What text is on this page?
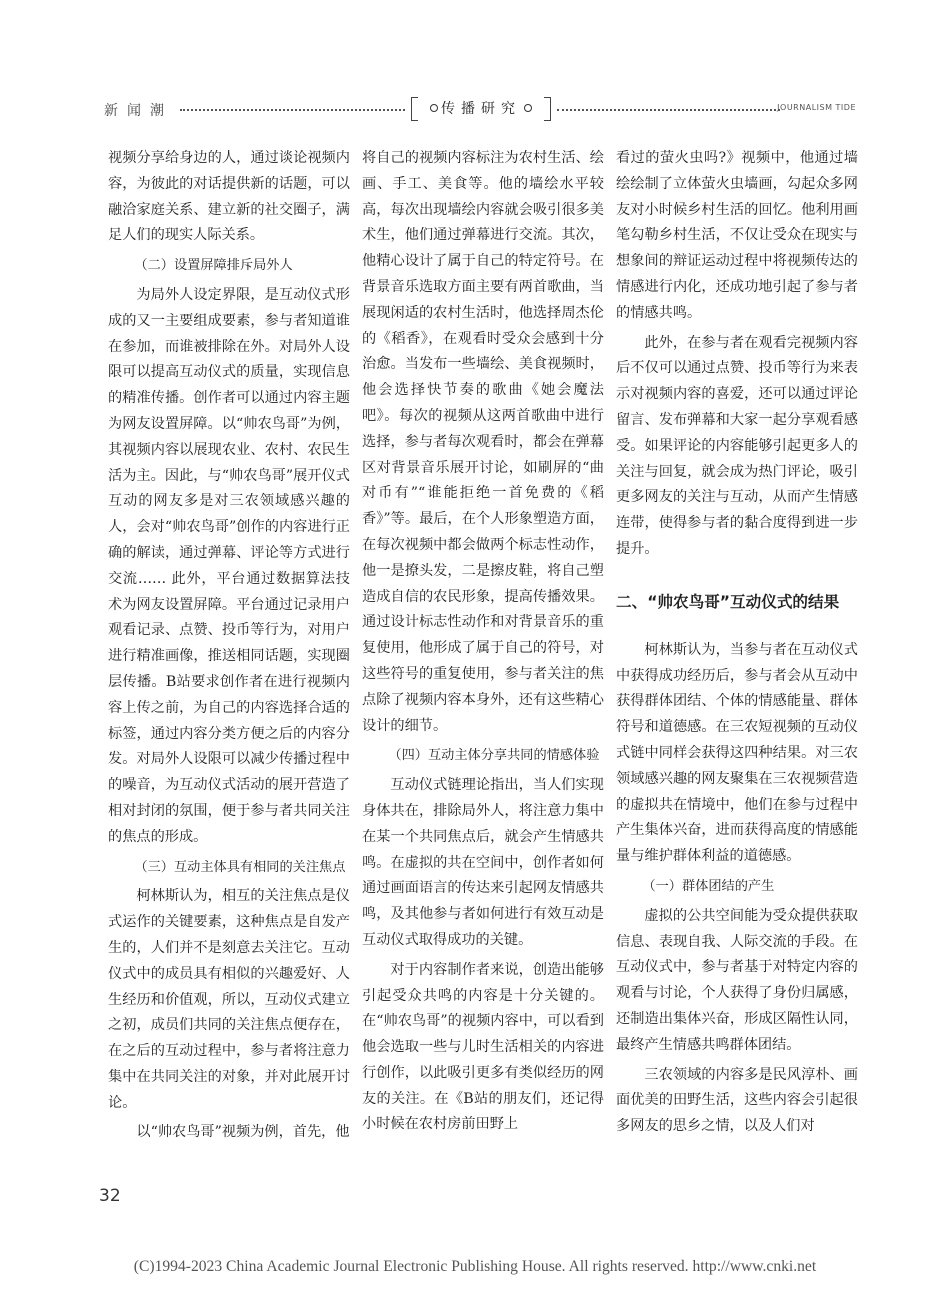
新闻潮	传播研究	JOURNALISM TIDE

视频分享给身边的人，通过谈论视频内容，为彼此的对话提供新的话题，可以融洽家庭关系、建立新的社交圈子，满足人们的现实人际关系。

（二）设置屏障排斥局外人

为局外人设定界限，是互动仪式形成的又一主要组成要素，参与者知道谁在参加，而谁被排除在外。对局外人设限可以提高互动仪式的质量，实现信息的精准传播。创作者可以通过内容主题为网友设置屏障。以“帅农鸟哥”为例，其视频内容以展现农业、农村、农民生活为主。因此，与“帅农鸟哥”展开仪式互动的网友多是对三农领域感兴趣的人，会对“帅农鸟哥”创作的内容进行正确的解读，通过弹幕、评论等方式进行交流…… 此外，平台通过数据算法技术为网友设置屏障。平台通过记录用户观看记录、点赞、投币等行为，对用户进行精准画像，推送相同话题，实现圈层传播。B站要求创作者在进行视频内容上传之前，为自己的内容选择合适的标签，通过内容分类方便之后的内容分发。对局外人设限可以减少传播过程中的噪音，为互动仪式活动的展开营造了相对封闭的氛围，便于参与者共同关注的焦点的形成。

（三）互动主体具有相同的关注焦点

柯林斯认为，相互的关注焦点是仪式运作的关键要素，这种焦点是自发产生的，人们并不是刻意去关注它。互动仪式中的成员具有相似的兴趣爱好、人生经历和价值观，所以，互动仪式建立之初，成员们共同的关注焦点便存在，在之后的互动过程中，参与者将注意力集中在共同关注的对象，并对此展开讨论。

以“帅农鸟哥”视频为例，首先，他

将自己的视频内容标注为农村生活、绘画、手工、美食等。他的墙绘水平较高，每次出现墙绘内容就会吸引很多美术生，他们通过弹幕进行交流。其次，他精心设计了属于自己的特定符号。在背景音乐选取方面主要有两首歌曲，当展现闲适的农村生活时，他选择周杰伦的《稻香》，在观看时受众会感到十分治愈。当发布一些墙绘、美食视频时，他会选择快节奏的歌曲《她会魔法吧》。每次的视频从这两首歌曲中进行选择，参与者每次观看时，都会在弹幕区对背景音乐展开讨论，如刷屏的“曲对币有”“谁能拒绝一首免费的《稻香》”等。最后，在个人形象塑造方面，在每次视频中都会做两个标志性动作，他一是撩头发，二是擦皮鞋，将自己塑造成自信的农民形象，提高传播效果。通过设计标志性动作和对背景音乐的重复使用，他形成了属于自己的符号，对这些符号的重复使用，参与者关注的焦点除了视频内容本身外，还有这些精心设计的细节。

（四）互动主体分享共同的情感体验

互动仪式链理论指出，当人们实现身体共在，排除局外人，将注意力集中在某一个共同焦点后，就会产生情感共鸣。在虚拟的共在空间中，创作者如何通过画面语言的传达来引起网友情感共鸣，及其他参与者如何进行有效互动是互动仪式取得成功的关键。

对于内容制作者来说，创造出能够引起受众共鸣的内容是十分关键的。在“帅农鸟哥”的视频内容中，可以看到他会选取一些与儿时生活相关的内容进行创作，以此吸引更多有类似经历的网友的关注。在《B站的朋友们，还记得小时候在农村房前田野上

看过的萤火虫吗?》视频中，他通过墙绘绘制了立体萤火虫墙画，勾起众多网友对小时候乡村生活的回忆。他利用画笔勾勒乡村生活，不仅让受众在现实与想象间的辩证运动过程中将视频传达的情感进行内化，还成功地引起了参与者的情感共鸣。

此外，在参与者在观看完视频内容后不仅可以通过点赞、投币等行为来表示对视频内容的喜爱，还可以通过评论留言、发布弹幕和大家一起分享观看感受。如果评论的内容能够引起更多人的关注与回复，就会成为热门评论，吸引更多网友的关注与互动，从而产生情感连带，使得参与者的黏合度得到进一步提升。

二、“帅农鸟哥”互动仪式的结果

柯林斯认为，当参与者在互动仪式中获得成功经历后，参与者会从互动中获得群体团结、个体的情感能量、群体符号和道德感。在三农短视频的互动仪式链中同样会获得这四种结果。对三农领域感兴趣的网友聚集在三农视频营造的虚拟共在情境中，他们在参与过程中产生集体兴奋，进而获得高度的情感能量与维护群体利益的道德感。

（一）群体团结的产生

虚拟的公共空间能为受众提供获取信息、表现自我、人际交流的手段。在互动仪式中，参与者基于对特定内容的观看与讨论，个人获得了身份归属感，还制造出集体兴奋，形成区隔性认同，最终产生情感共鸣群体团结。

三农领域的内容多是民风淳朴、画面优美的田野生活，这些内容会引起很多网友的思乡之情，以及人们对

32
(C)1994-2023 China Academic Journal Electronic Publishing House. All rights reserved. http://www.cnki.net
